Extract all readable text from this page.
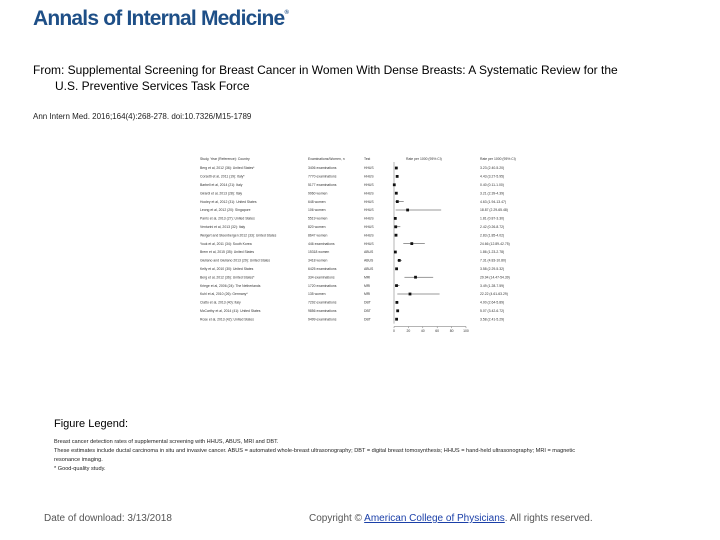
Annals of Internal Medicine®
From: Supplemental Screening for Breast Cancer in Women With Dense Breasts: A Systematic Review for the
U.S. Preventive Services Task Force
Ann Intern Med. 2016;164(4):268-278. doi:10.7326/M15-1789
Study, Year (Reference): Country	Examinations/Women, n	Test	Rate per 1000 (95% CI)	Rate per 1000 (95% CI)
Berg et al, 2012 (36): United States*	3406 examinations	HHUS	3.23 (2.40-5.20)
Corsetti et al, 2011 (19): Italy*	7770 examinations	HHUS	4.43 (3.27-5.95)
Barbell et al, 2014 (21): Italy	5177 examinations	HHUS	0.40 (0.11-1.00)
Girardi et al, 2013 (28): Italy	9960 women	HHUS	3.21 (2.39-4.39)
Hooley et al, 2012 (31): United States	648 women	HHUS	4.63 (1.94-13.47)
Leong et al, 2012 (20): Singapore	106 women	HHUS	18.87 (2.29-65.48)
Parris et al, 2013 (27): United States	5519 women	HHUS	1.81 (0.87-3.30)
Venturini et al, 2013 (32): Italy	820 women	HHUS	2.42 (0.26-8.72)
Weigert and Steenbergen 2012 (33): United States	8647 women	HHUS	2.83 (1.85-4.02)
Youk et al, 2011 (34): South Korea	446 examinations	HHUS	24.66 (12.89-42.75)
Brem et al, 2015 (35): United States	15318 women	ABUS	1.86 (1.23-2.78)
Giuliano and Giuliano 2013 (29): United States	3418 women	ABUS	7.31 (4.83-10.80)
Kelly et al, 2010 (30): United States	6425 examinations	ABUS	3.58 (2.29-5.32)
Berg et al, 2012 (36): United States*	334 examinations	MRI	29.94 (14.47-54.39)
Kriege et al, 2006 (24): The Netherlands	1720 examinations	MRI	3.49 (1.28-7.59)
Kuhl et al, 2010 (26): Germany*	135 women	MRI	22.22 (4.61-63.29)
Ciatto et al, 2013 (40): Italy	7292 examinations	DBT	4.00 (2.64-5.89)
McCarthy et al, 2014 (41): United States	9856 examinations	DBT	5.07 (3.42-6.72)
Rose et al, 2013 (42): United States	9499 examinations	DBT	3.58 (2.41-5.29)
0	20	40	60	80	100
Figure Legend:
Breast cancer detection rates of supplemental screening with HHUS, ABUS, MRI and DBT.
These estimates include ductal carcinoma in situ and invasive cancer. ABUS = automated whole-breast ultrasonography; DBT = digital breast tomosynthesis; HHUS = hand-held ultrasonography; MRI = magnetic
resonance imaging.
* Good-quality study.
Date of download: 3/13/2018	Copyright © American College of Physicians. All rights reserved.
